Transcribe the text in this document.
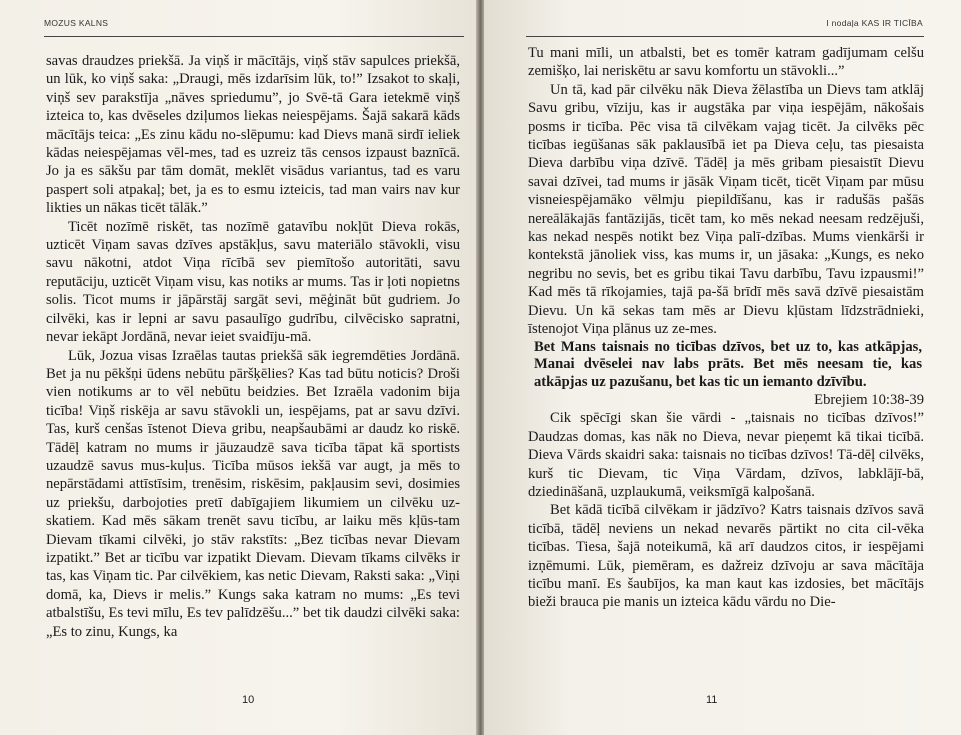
MOZUS KALNS

savas draudzes priekšā. Ja viņš ir mācītājs, viņš stāv sapulces priekšā, un lūk, ko viņš saka: „Draugi, mēs izdarīsim lūk, to!” Izsakot to skaļi, viņš sev parakstīja „nāves spriedumu”, jo Svē-tā Gara ietekmē viņš izteica to, kas dvēseles dziļumos liekas neiespējams. Šajā sakarā kāds mācītājs teica: „Es zinu kādu no-slēpumu: kad Dievs manā sirdī ieliek kādas neiespējamas vēl-mes, tad es uzreiz tās censos izpaust baznīcā. Jo ja es sākšu par tām domāt, meklēt visādus variantus, tad es varu paspert soli atpakaļ; bet, ja es to esmu izteicis, tad man vairs nav kur likties un nākas ticēt tālāk.”

Ticēt nozīmē riskēt, tas nozīmē gatavību nokļūt Dieva rokās, uzticēt Viņam savas dzīves apstākļus, savu materiālo stāvokli, visu savu nākotni, atdot Viņa rīcībā sev piemītošo autoritāti, savu reputāciju, uzticēt Viņam visu, kas notiks ar mums. Tas ir ļoti nopietns solis. Ticot mums ir jāpārstāj sargāt sevi, mēģināt būt gudriem. Jo cilvēki, kas ir lepni ar savu pasaulīgo gudrību, cilvēcisko sapratni, nevar iekāpt Jordānā, nevar ieiet svaidīju-mā.

Lūk, Jozua visas Izraēlas tautas priekšā sāk iegremdēties Jordānā. Bet ja nu pēkšņi ūdens nebūtu pāršķēlies? Kas tad būtu noticis? Droši vien notikums ar to vēl nebūtu beidzies. Bet Izraēla vadonim bija ticība! Viņš riskēja ar savu stāvokli un, iespējams, pat ar savu dzīvi. Tas, kurš cenšas īstenot Dieva gribu, neapšaubāmi ar daudz ko riskē. Tādēļ katram no mums ir jāuzaudzē sava ticība tāpat kā sportists uzaudzē savus mus-kuļus. Ticība mūsos iekšā var augt, ja mēs to nepārstādami attīstīsim, trenēsim, riskēsim, pakļausim sevi, dosimies uz priekšu, darbojoties pretī dabīgajiem likumiem un cilvēku uz-skatiem. Kad mēs sākam trenēt savu ticību, ar laiku mēs kļūs-tam Dievam tīkami cilvēki, jo stāv rakstīts: „Bez ticības nevar Dievam izpatikt.” Bet ar ticību var izpatikt Dievam. Dievam tīkams cilvēks ir tas, kas Viņam tic. Par cilvēkiem, kas netic Dievam, Raksti saka: „Viņi domā, ka, Dievs ir melis.” Kungs saka katram no mums: „Es tevi atbalstīšu, Es tevi mīlu, Es tev palīdzēšu...” bet tik daudzi cilvēki saka: „Es to zinu, Kungs, ka

10
I nodaļa KAS IR TICĪBA

Tu mani mīli, un atbalsti, bet es tomēr katram gadījumam celšu zemišķo, lai neriskētu ar savu komfortu un stāvokli...”

Un tā, kad pār cilvēku nāk Dieva žēlastība un Dievs tam atklāj Savu gribu, vīziju, kas ir augstāka par viņa iespējām, nākošais posms ir ticība. Pēc visa tā cilvēkam vajag ticēt. Ja cilvēks pēc ticības iegūšanas sāk paklausībā iet pa Dieva ceļu, tas piesaista Dieva darbību viņa dzīvē. Tādēļ ja mēs gribam piesaistīt Dievu savai dzīvei, tad mums ir jāsāk Viņam ticēt, ticēt Viņam par mūsu visneiespējamāko vēlmju piepildīšanu, kas ir radušās pašās nereālākajās fantāzijās, ticēt tam, ko mēs nekad neesam redzējuši, kas nekad nespēs notikt bez Viņa palī-dzības. Mums vienkārši ir kontekstā jānoliek viss, kas mums ir, un jāsaka: „Kungs, es neko negribu no sevis, bet es gribu tikai Tavu darbību, Tavu izpausmi!” Kad mēs tā rīkojamies, tajā pa-šā brīdī mēs savā dzīvē piesaistām Dievu. Un kā sekas tam mēs ar Dievu kļūstam līdzstrādnieki, īstenojot Viņa plānus uz ze-mes.

Bet Mans taisnais no ticības dzīvos, bet uz to, kas atkāpjas, Manai dvēselei nav labs prāts. Bet mēs neesam tie, kas atkāpjas uz pazušanu, bet kas tic un iemanto dzīvību.

Ebrejiem 10:38-39

Cik spēcīgi skan šie vārdi - „taisnais no ticības dzīvos!” Daudzas domas, kas nāk no Dieva, nevar pieņemt kā tikai ticībā. Dieva Vārds skaidri saka: taisnais no ticības dzīvos! Tā-dēļ cilvēks, kurš tic Dievam, tic Viņa Vārdam, dzīvos, labklājī-bā, dziedināšanā, uzplaukumā, veiksmīgā kalpošanā.

Bet kādā ticībā cilvēkam ir jādzīvo? Katrs taisnais dzīvos savā ticībā, tādēļ neviens un nekad nevarēs pārtikt no cita cil-vēka ticības. Tiesa, šajā noteikumā, kā arī daudzos citos, ir iespējami izņēmumi. Lūk, piemēram, es dažreiz dzīvoju ar sava mācītāja ticību manī. Es šaubījos, ka man kaut kas izdosies, bet mācītājs bieži brauca pie manis un izteica kādu vārdu no Die-

11
